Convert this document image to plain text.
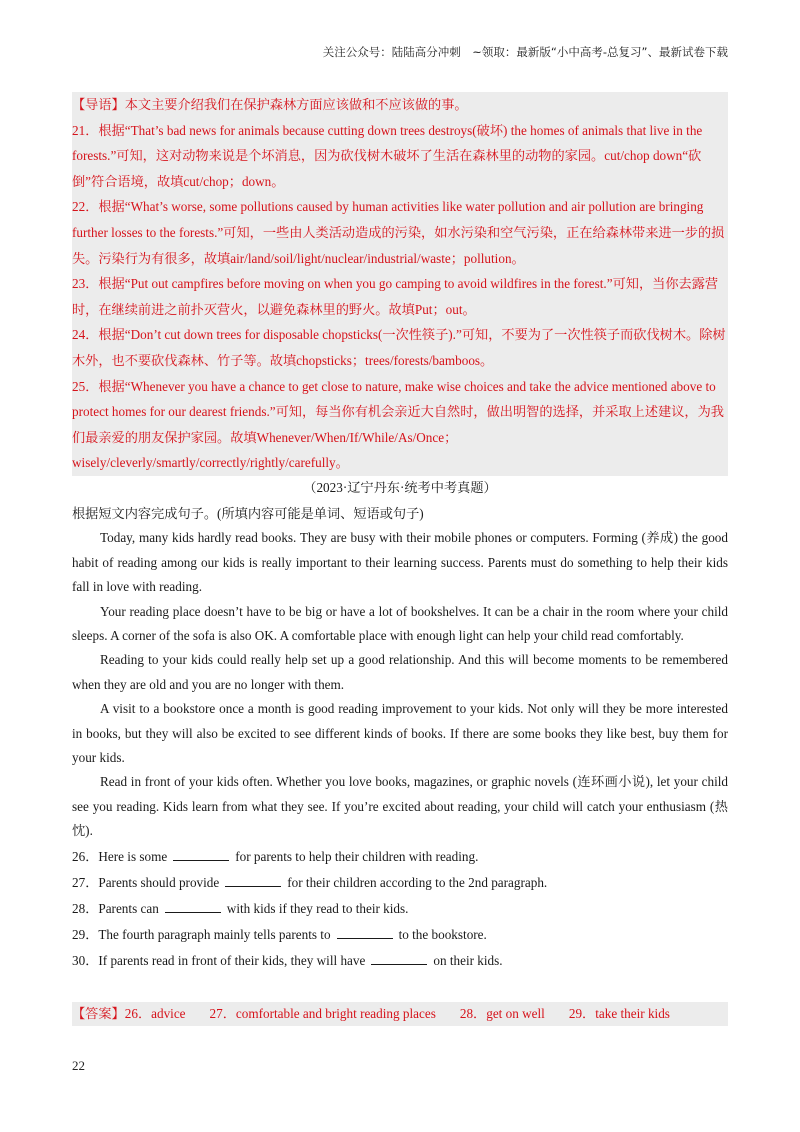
关注公众号：陆陆高分冲刺　~领取：最新版“小中高考-总复习”、最新试卷下载

【导语】本文主要介绍我们在保护森林方面应该做和不应该做的事。

21．根据“That’s bad news for animals because cutting down trees destroys(破坏) the homes of animals that live in the forests.”可知，这对动物来说是个坏消息，因为砍伐树木破坏了生活在森林里的动物的家园。cut/chop down“砍倒”符合语境，故填cut/chop；down。

22．根据“What’s worse, some pollutions caused by human activities like water pollution and air pollution are bringing further losses to the forests.”可知，一些由人类活动造成的污染，如水污染和空气污染，正在给森林带来进一步的损失。污染行为有很多，故填air/land/soil/light/nuclear/industrial/waste；pollution。

23．根据“Put out campfires before moving on when you go camping to avoid wildfires in the forest.”可知，当你去露营时，在继续前进之前扑灭营火，以避免森林里的野火。故填Put；out。

24．根据“Don’t cut down trees for disposable chopsticks(一次性筷子).”可知，不要为了一次性筷子而砍伐树木。除树木外，也不要砍伐森林、竹子等。故填chopsticks；trees/forests/bamboos。

25．根据“Whenever you have a chance to get close to nature, make wise choices and take the advice mentioned above to protect homes for our dearest friends.”可知，每当你有机会亲近大自然时，做出明智的选择，并采取上述建议，为我们最亲爱的朋友保护家园。故填Whenever/When/If/While/As/Once；wisely/cleverly/smartly/correctly/rightly/carefully。

（2023·辽宁丹东·统考中考真题）

根据短文内容完成句子。(所填内容可能是单词、短语或句子)

Today, many kids hardly read books. They are busy with their mobile phones or computers. Forming (养成) the good habit of reading among our kids is really important to their learning success. Parents must do something to help their kids fall in love with reading.

Your reading place doesn’t have to be big or have a lot of bookshelves. It can be a chair in the room where your child sleeps. A corner of the sofa is also OK. A comfortable place with enough light can help your child read comfortably.

Reading to your kids could really help set up a good relationship. And this will become moments to be remembered when they are old and you are no longer with them.

A visit to a bookstore once a month is good reading improvement to your kids. Not only will they be more interested in books, but they will also be excited to see different kinds of books. If there are some books they like best, buy them for your kids.

Read in front of your kids often. Whether you love books, magazines, or graphic novels (连环画小说), let your child see you reading. Kids learn from what they see. If you’re excited about reading, your child will catch your enthusiasm (热忱).

26．Here is some	for parents to help their children with reading.

27．Parents should provide	for their children according to the 2nd paragraph.

28．Parents can	with kids if they read to their kids.

29．The fourth paragraph mainly tells parents to	to the bookstore.

30．If parents read in front of their kids, they will have	on their kids.

【答案】26．advice 27．comfortable and bright reading places 28．get on well 29．take their kids
22
